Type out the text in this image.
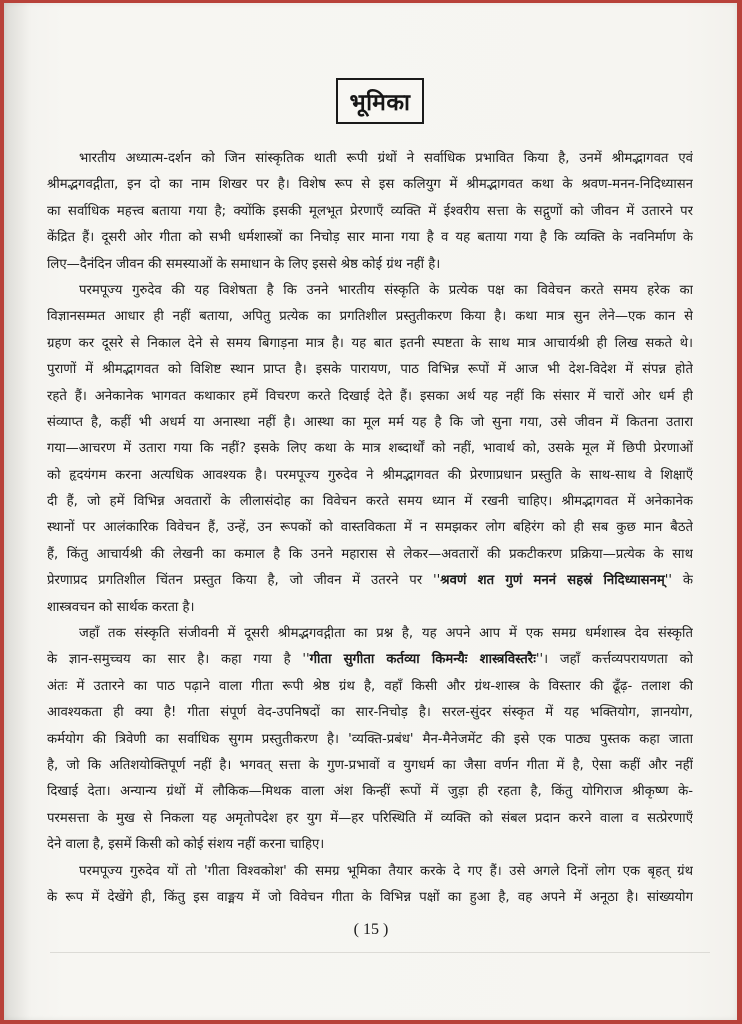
भूमिका
भारतीय अध्यात्म-दर्शन को जिन सांस्कृतिक थाती रूपी ग्रंथों ने सर्वाधिक प्रभावित किया है, उनमें श्रीमद्भागवत एवं
श्रीमद्भगवद्गीता, इन दो का नाम शिखर पर है। विशेष रूप से इस कलियुग में श्रीमद्भागवत कथा के श्रवण-मनन-निदिध्यासन
का सर्वाधिक महत्त्व बताया गया है; क्योंकि इसकी मूलभूत प्रेरणाएँ व्यक्ति में ईश्वरीय सत्ता के सद्गुणों को जीवन में उतारने पर
केंद्रित हैं। दूसरी ओर गीता को सभी धर्मशास्त्रों का निचोड़ सार माना गया है व यह बताया गया है कि व्यक्ति के नवनिर्माण के
लिए—दैनंदिन जीवन की समस्याओं के समाधान के लिए इससे श्रेष्ठ कोई ग्रंथ नहीं है।
परमपूज्य गुरुदेव की यह विशेषता है कि उनने भारतीय संस्कृति के प्रत्येक पक्ष का विवेचन करते समय हरेक का
विज्ञानसम्मत आधार ही नहीं बताया, अपितु प्रत्येक का प्रगतिशील प्रस्तुतीकरण किया है। कथा मात्र सुन लेने—एक कान से
ग्रहण कर दूसरे से निकाल देने से समय बिगाड़ना मात्र है। यह बात इतनी स्पष्टता के साथ मात्र आचार्यश्री ही लिख सकते थे।
पुराणों में श्रीमद्भागवत को विशिष्ट स्थान प्राप्त है। इसके पारायण, पाठ विभिन्न रूपों में आज भी देश-विदेश में संपन्न होते
रहते हैं। अनेकानेक भागवत कथाकार हमें विचरण करते दिखाई देते हैं। इसका अर्थ यह नहीं कि संसार में चारों ओर धर्म ही
संव्याप्त है, कहीं भी अधर्म या अनास्था नहीं है। आस्था का मूल मर्म यह है कि जो सुना गया, उसे जीवन में कितना उतारा
गया—आचरण में उतारा गया कि नहीं? इसके लिए कथा के मात्र शब्दार्थों को नहीं, भावार्थ को, उसके मूल में छिपी प्रेरणाओं
को हृदयंगम करना अत्यधिक आवश्यक है। परमपूज्य गुरुदेव ने श्रीमद्भागवत की प्रेरणाप्रधान प्रस्तुति के साथ-साथ वे शिक्षाएँ
दी हैं, जो हमें विभिन्न अवतारों के लीलासंदोह का विवेचन करते समय ध्यान में रखनी चाहिए। श्रीमद्भागवत में अनेकानेक
स्थानों पर आलंकारिक विवेचन हैं, उन्हें, उन रूपकों को वास्तविकता में न समझकर लोग बहिरंग को ही सब कुछ मान बैठते
हैं, किंतु आचार्यश्री की लेखनी का कमाल है कि उनने महारास से लेकर—अवतारों की प्रकटीकरण प्रक्रिया—प्रत्येक के साथ
प्रेरणाप्रद प्रगतिशील चिंतन प्रस्तुत किया है, जो जीवन में उतरने पर ''श्रवणं शत गुणं मननं सहस्रं निदिध्यासनम्'' के
शास्त्रवचन को सार्थक करता है।
जहाँ तक संस्कृति संजीवनी में दूसरी श्रीमद्भगवद्गीता का प्रश्न है, यह अपने आप में एक समग्र धर्मशास्त्र देव संस्कृति
के ज्ञान-समुच्चय का सार है। कहा गया है ''गीता सुगीता कर्तव्या किमन्यैः शास्त्रविस्तरैः''। जहाँ कर्त्तव्यपरायणता को
अंतः में उतारने का पाठ पढ़ाने वाला गीता रूपी श्रेष्ठ ग्रंथ है, वहाँ किसी और ग्रंथ-शास्त्र के विस्तार की ढूँढ़- तलाश की
आवश्यकता ही क्या है! गीता संपूर्ण वेद-उपनिषदों का सार-निचोड़ है। सरल-सुंदर संस्कृत में यह भक्तियोग, ज्ञानयोग,
कर्मयोग की त्रिवेणी का सर्वाधिक सुगम प्रस्तुतीकरण है। 'व्यक्ति-प्रबंध' मैन-मैनेजमेंट की इसे एक पाठ्य पुस्तक कहा जाता
है, जो कि अतिशयोक्तिपूर्ण नहीं है। भगवत् सत्ता के गुण-प्रभावों व युगधर्म का जैसा वर्णन गीता में है, ऐसा कहीं और नहीं
दिखाई देता। अन्यान्य ग्रंथों में लौकिक—मिथक वाला अंश किन्हीं रूपों में जुड़ा ही रहता है, किंतु योगिराज श्रीकृष्ण के-
परमसत्ता के मुख से निकला यह अमृतोपदेश हर युग में—हर परिस्थिति में व्यक्ति को संबल प्रदान करने वाला व सत्प्रेरणाएँ
देने वाला है, इसमें किसी को कोई संशय नहीं करना चाहिए।
परमपूज्य गुरुदेव यों तो 'गीता विश्वकोश' की समग्र भूमिका तैयार करके दे गए हैं। उसे अगले दिनों लोग एक बृहत् ग्रंथ
के रूप में देखेंगे ही, किंतु इस वाङ्मय में जो विवेचन गीता के विभिन्न पक्षों का हुआ है, वह अपने में अनूठा है। सांख्ययोग
( 15 )
